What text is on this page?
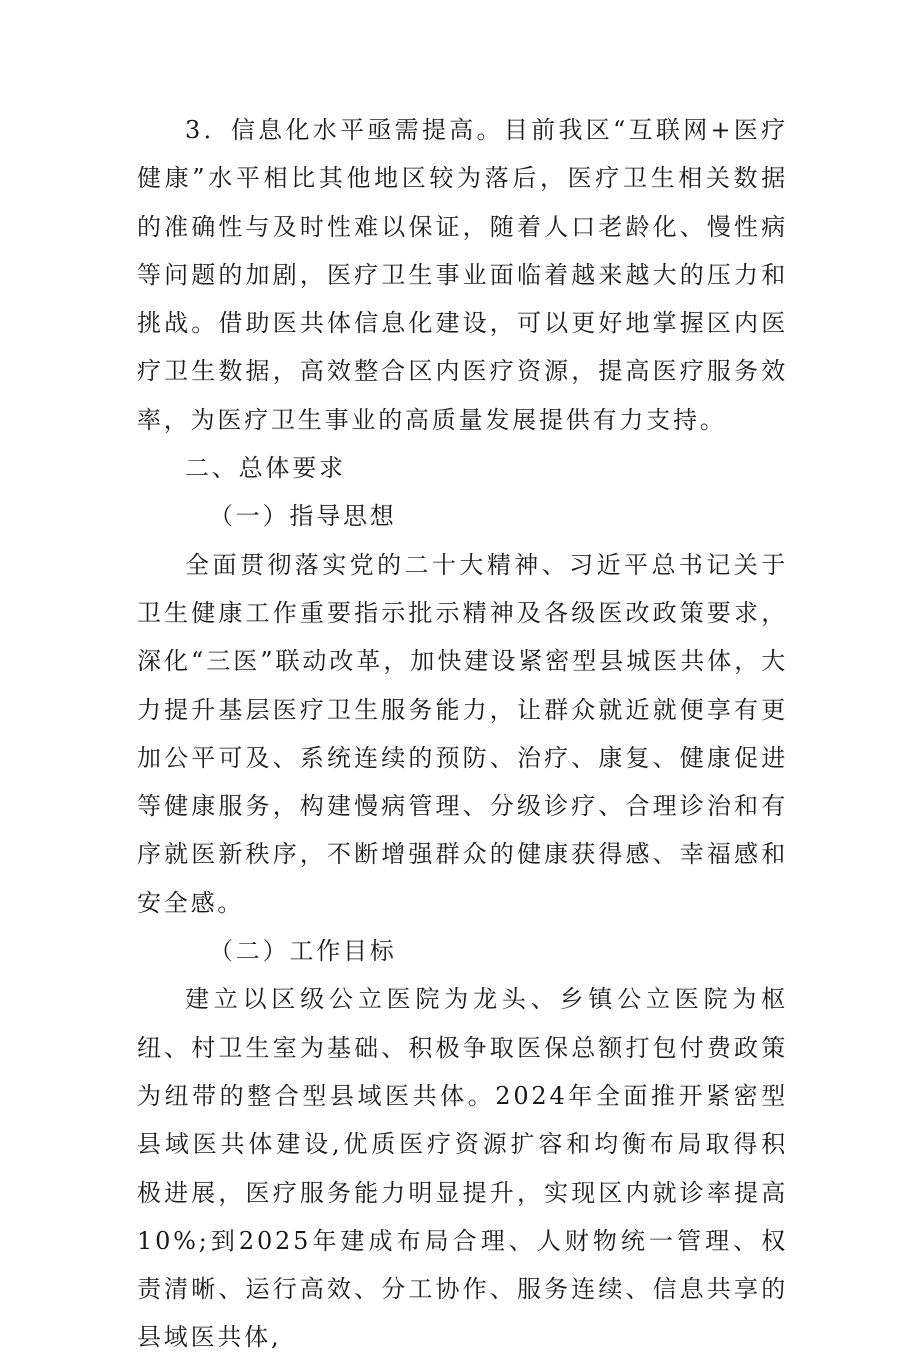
3．信息化水平亟需提高。目前我区“互联网+医疗健康”水平相比其他地区较为落后，医疗卫生相关数据的准确性与及时性难以保证，随着人口老龄化、慢性病等问题的加剧，医疗卫生事业面临着越来越大的压力和挑战。借助医共体信息化建设，可以更好地掌握区内医疗卫生数据，高效整合区内医疗资源，提高医疗服务效率，为医疗卫生事业的高质量发展提供有力支持。

二、总体要求

（一）指导思想

全面贯彻落实党的二十大精神、习近平总书记关于卫生健康工作重要指示批示精神及各级医改政策要求，深化“三医”联动改革，加快建设紧密型县城医共体，大力提升基层医疗卫生服务能力，让群众就近就便享有更加公平可及、系统连续的预防、治疗、康复、健康促进等健康服务，构建慢病管理、分级诊疗、合理诊治和有序就医新秩序，不断增强群众的健康获得感、幸福感和安全感。

（二）工作目标

建立以区级公立医院为龙头、乡镇公立医院为枢纽、村卫生室为基础、积极争取医保总额打包付费政策为纽带的整合型县域医共体。2024年全面推开紧密型县域医共体建设,优质医疗资源扩容和均衡布局取得积极进展，医疗服务能力明显提升，实现区内就诊率提高10%;到2025年建成布局合理、人财物统一管理、权责清晰、运行高效、分工协作、服务连续、信息共享的县域医共体,
